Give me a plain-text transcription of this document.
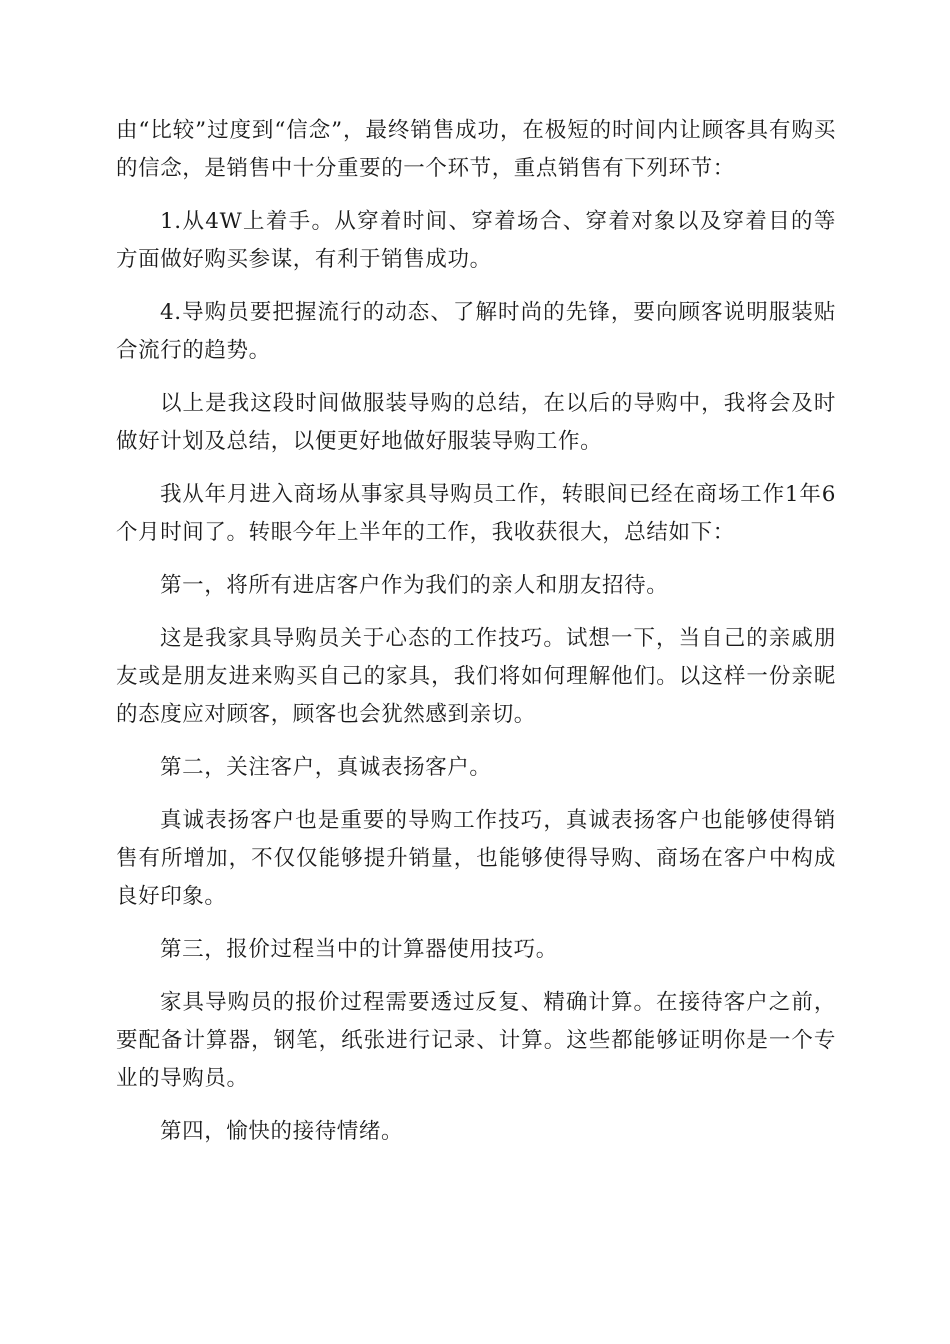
由“比较”过度到“信念”，最终销售成功，在极短的时间内让顾客具有购买的信念，是销售中十分重要的一个环节，重点销售有下列环节：

1.从4W上着手。从穿着时间、穿着场合、穿着对象以及穿着目的等方面做好购买参谋，有利于销售成功。

4.导购员要把握流行的动态、了解时尚的先锋，要向顾客说明服装贴合流行的趋势。

以上是我这段时间做服装导购的总结，在以后的导购中，我将会及时做好计划及总结，以便更好地做好服装导购工作。

我从年月进入商场从事家具导购员工作，转眼间已经在商场工作1年6个月时间了。转眼今年上半年的工作，我收获很大，总结如下：

第一，将所有进店客户作为我们的亲人和朋友招待。

这是我家具导购员关于心态的工作技巧。试想一下，当自己的亲戚朋友或是朋友进来购买自己的家具，我们将如何理解他们。以这样一份亲昵的态度应对顾客，顾客也会犹然感到亲切。

第二，关注客户，真诚表扬客户。

真诚表扬客户也是重要的导购工作技巧，真诚表扬客户也能够使得销售有所增加，不仅仅能够提升销量，也能够使得导购、商场在客户中构成良好印象。

第三，报价过程当中的计算器使用技巧。

家具导购员的报价过程需要透过反复、精确计算。在接待客户之前，要配备计算器，钢笔，纸张进行记录、计算。这些都能够证明你是一个专业的导购员。

第四，愉快的接待情绪。
